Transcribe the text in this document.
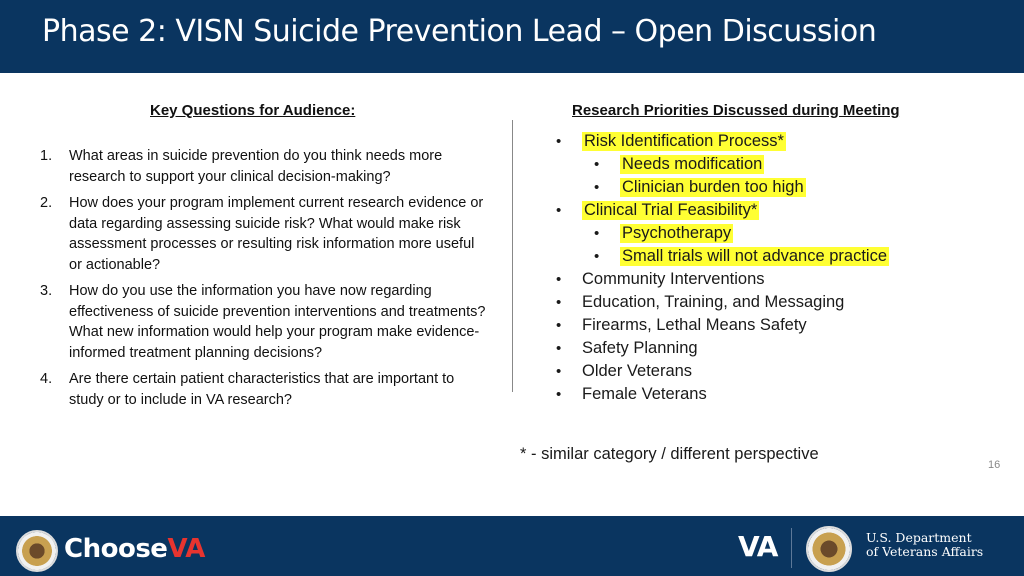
Phase 2: VISN Suicide Prevention Lead – Open Discussion
Key Questions for Audience:
1.	What areas in suicide prevention do you think needs more research to support your clinical decision-making?
2.	How does your program implement current research evidence or data regarding assessing suicide risk? What would make risk assessment processes or resulting risk information more useful or actionable?
3.	How do you use the information you have now regarding effectiveness of suicide prevention interventions and treatments? What new information would help your program make evidence-informed treatment planning decisions?
4.	Are there certain patient characteristics that are important to study or to include in VA research?
Research Priorities Discussed during Meeting
•	Risk Identification Process*
•	Needs modification
•	Clinician burden too high
•	Clinical Trial Feasibility*
•	Psychotherapy
•	Small trials will not advance practice
•	Community Interventions
•	Education, Training, and Messaging
•	Firearms, Lethal Means Safety
•	Safety Planning
•	Older Veterans
•	Female Veterans
* - similar category / different perspective
16
ChooseVA	VA	U.S. Department
of Veterans Affairs
